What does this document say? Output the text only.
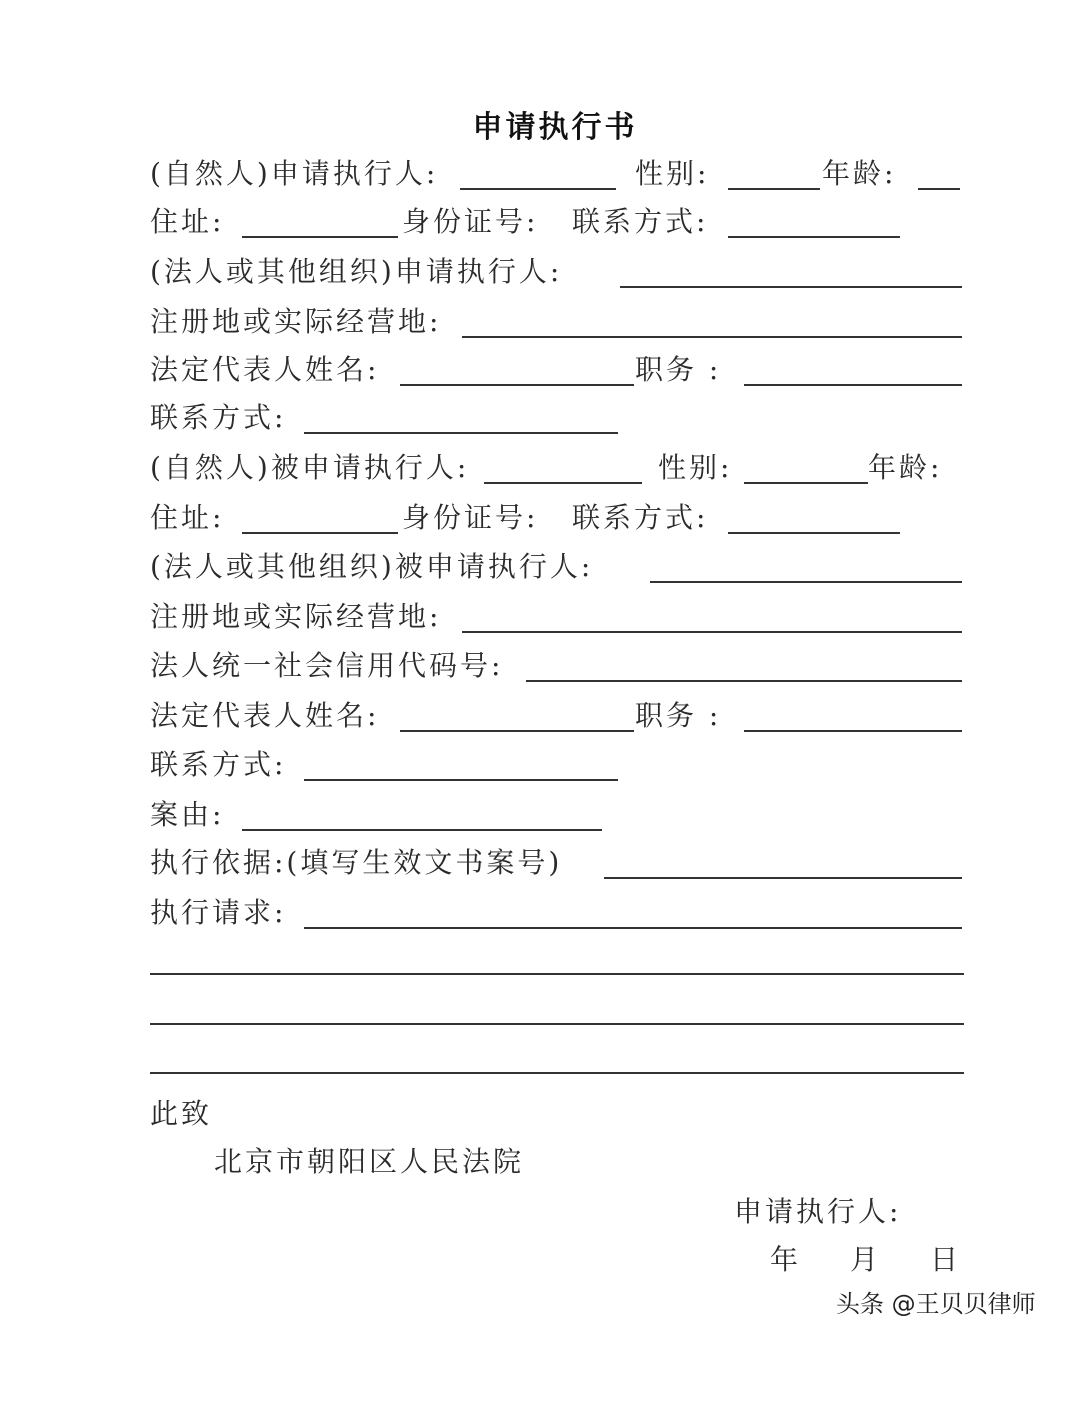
申请执行书
(自然人)申请执行人:	性别:	年龄:
住址:	身份证号: 联系方式:
(法人或其他组织)申请执行人:
注册地或实际经营地:
法定代表人姓名:	职务 :
联系方式:
(自然人)被申请执行人:	性别:	年龄:
住址:	身份证号: 联系方式:
(法人或其他组织)被申请执行人:
注册地或实际经营地:
法人统一社会信用代码号:
法定代表人姓名:	职务 :
联系方式:
案由:
执行依据:(填写生效文书案号)
执行请求:
此致
北京市朝阳区人民法院
申请执行人:
年 月 日
头条 @王贝贝律师
